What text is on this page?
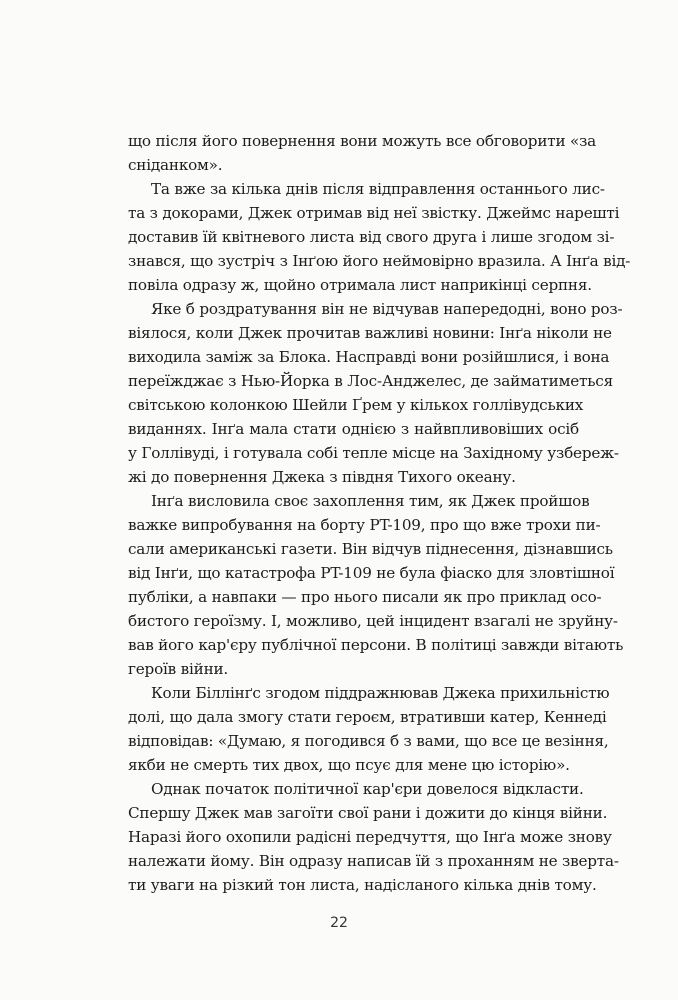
що після його повернення вони можуть все обговорити «за
сніданком».
Та вже за кілька днів після відправлення останнього лис-
та з докорами, Джек отримав від неї звістку. Джеймс нарешті
доставив їй квітневого листа від свого друга і лише згодом зі-
знався, що зустріч з Інґою його неймовірно вразила. А Інґа від-
повіла одразу ж, щойно отримала лист наприкінці серпня.
Яке б роздратування він не відчував напередодні, воно роз-
віялося, коли Джек прочитав важливі новини: Інґа ніколи не
виходила заміж за Блока. Насправді вони розійшлися, і вона
переїжджає з Нью-Йорка в Лос-Анджелес, де займатиметься
світською колонкою Шейли Ґрем у кількох голлівудських
виданнях. Інґа мала стати однією з найвпливовіших осіб
у Голлівуді, і готувала собі тепле місце на Західному узбереж-
жі до повернення Джека з півдня Тихого океану.
Інґа висловила своє захоплення тим, як Джек пройшов
важке випробування на борту PT-109, про що вже трохи пи-
сали американські газети. Він відчув піднесення, дізнавшись
від Інґи, що катастрофа PT-109 не була фіаско для зловтішної
публіки, а навпаки — про нього писали як про приклад осо-
бистого героїзму. І, можливо, цей інцидент взагалі не зруйну-
вав його кар'єру публічної персони. В політиці завжди вітають
героїв війни.
Коли Біллінґс згодом піддражнював Джека прихильністю
долі, що дала змогу стати героєм, втративши катер, Кеннеді
відповідав: «Думаю, я погодився б з вами, що все це везіння,
якби не смерть тих двох, що псує для мене цю історію».
Однак початок політичної кар'єри довелося відкласти.
Спершу Джек мав загоїти свої рани і дожити до кінця війни.
Наразі його охопили радісні передчуття, що Інґа може знову
належати йому. Він одразу написав їй з проханням не зверта-
ти уваги на різкий тон листа, надісланого кілька днів тому.
22
